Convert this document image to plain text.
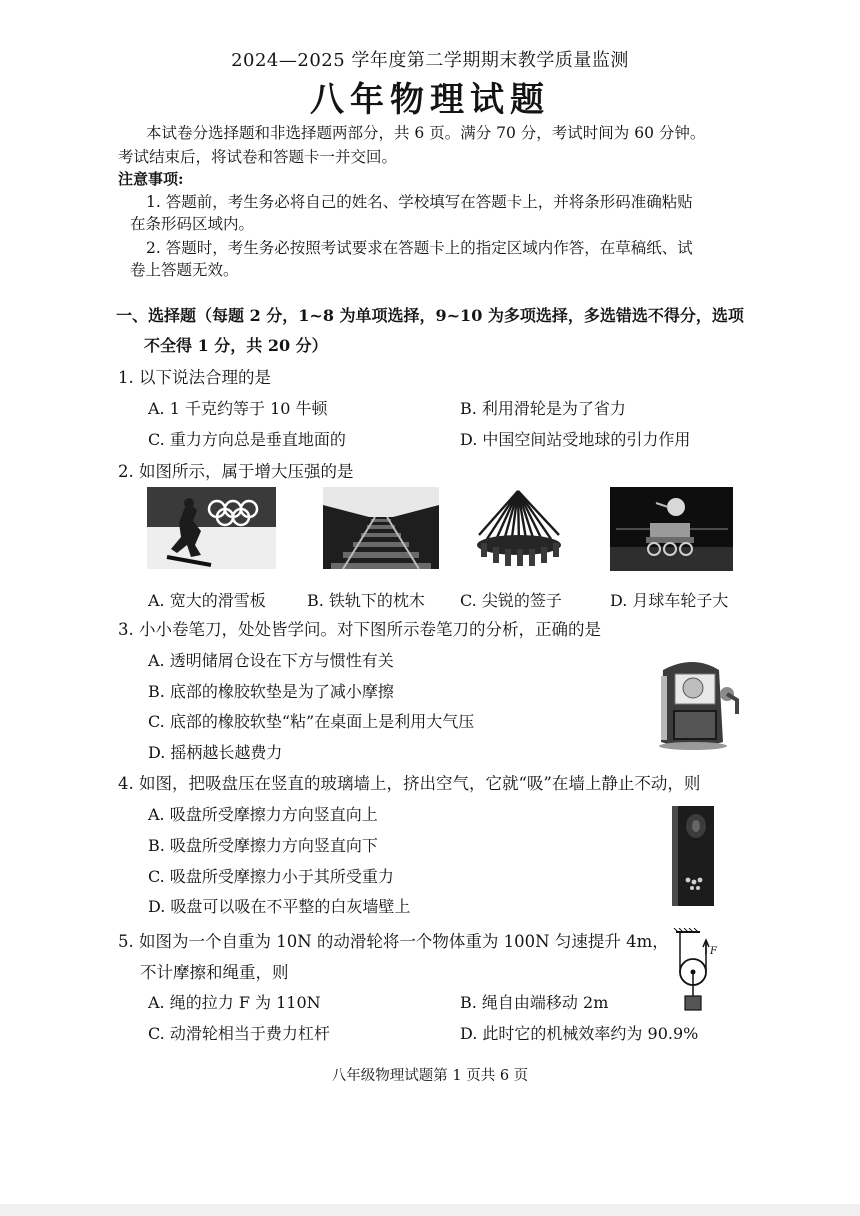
2024—2025 学年度第二学期期末教学质量监测
八年物理试题
本试卷分选择题和非选择题两部分，共 6 页。满分 70 分，考试时间为 60 分钟。
考试结束后，将试卷和答题卡一并交回。
注意事项:
1. 答题前，考生务必将自己的姓名、学校填写在答题卡上，并将条形码准确粘贴
在条形码区域内。
2. 答题时，考生务必按照考试要求在答题卡上的指定区域内作答，在草稿纸、试
卷上答题无效。
一、选择题（每题 2 分，1~8 为单项选择，9~10 为多项选择，多选错选不得分，选项
不全得 1 分，共 20 分）
1. 以下说法合理的是
A. 1 千克约等于 10 牛顿	B. 利用滑轮是为了省力
C. 重力方向总是垂直地面的	D. 中国空间站受地球的引力作用
2. 如图所示，属于增大压强的是
A. 宽大的滑雪板	B. 铁轨下的枕木 C. 尖锐的签子	D. 月球车轮子大
3. 小小卷笔刀，处处皆学问。对下图所示卷笔刀的分析，正确的是
A. 透明储屑仓设在下方与惯性有关
B. 底部的橡胶软垫是为了减小摩擦
C. 底部的橡胶软垫“粘”在桌面上是利用大气压
D. 摇柄越长越费力
4. 如图，把吸盘压在竖直的玻璃墙上，挤出空气，它就“吸”在墙上静止不动，则
A. 吸盘所受摩擦力方向竖直向上
B. 吸盘所受摩擦力方向竖直向下
C. 吸盘所受摩擦力小于其所受重力
D. 吸盘可以吸在不平整的白灰墙壁上
5. 如图为一个自重为 10N 的动滑轮将一个物体重为 100N 匀速提升 4m，
不计摩擦和绳重，则
A. 绳的拉力 F 为 110N	B. 绳自由端移动 2m
C. 动滑轮相当于费力杠杆	D. 此时它的机械效率约为 90.9%
F
八年级物理试题第 1 页共 6 页
